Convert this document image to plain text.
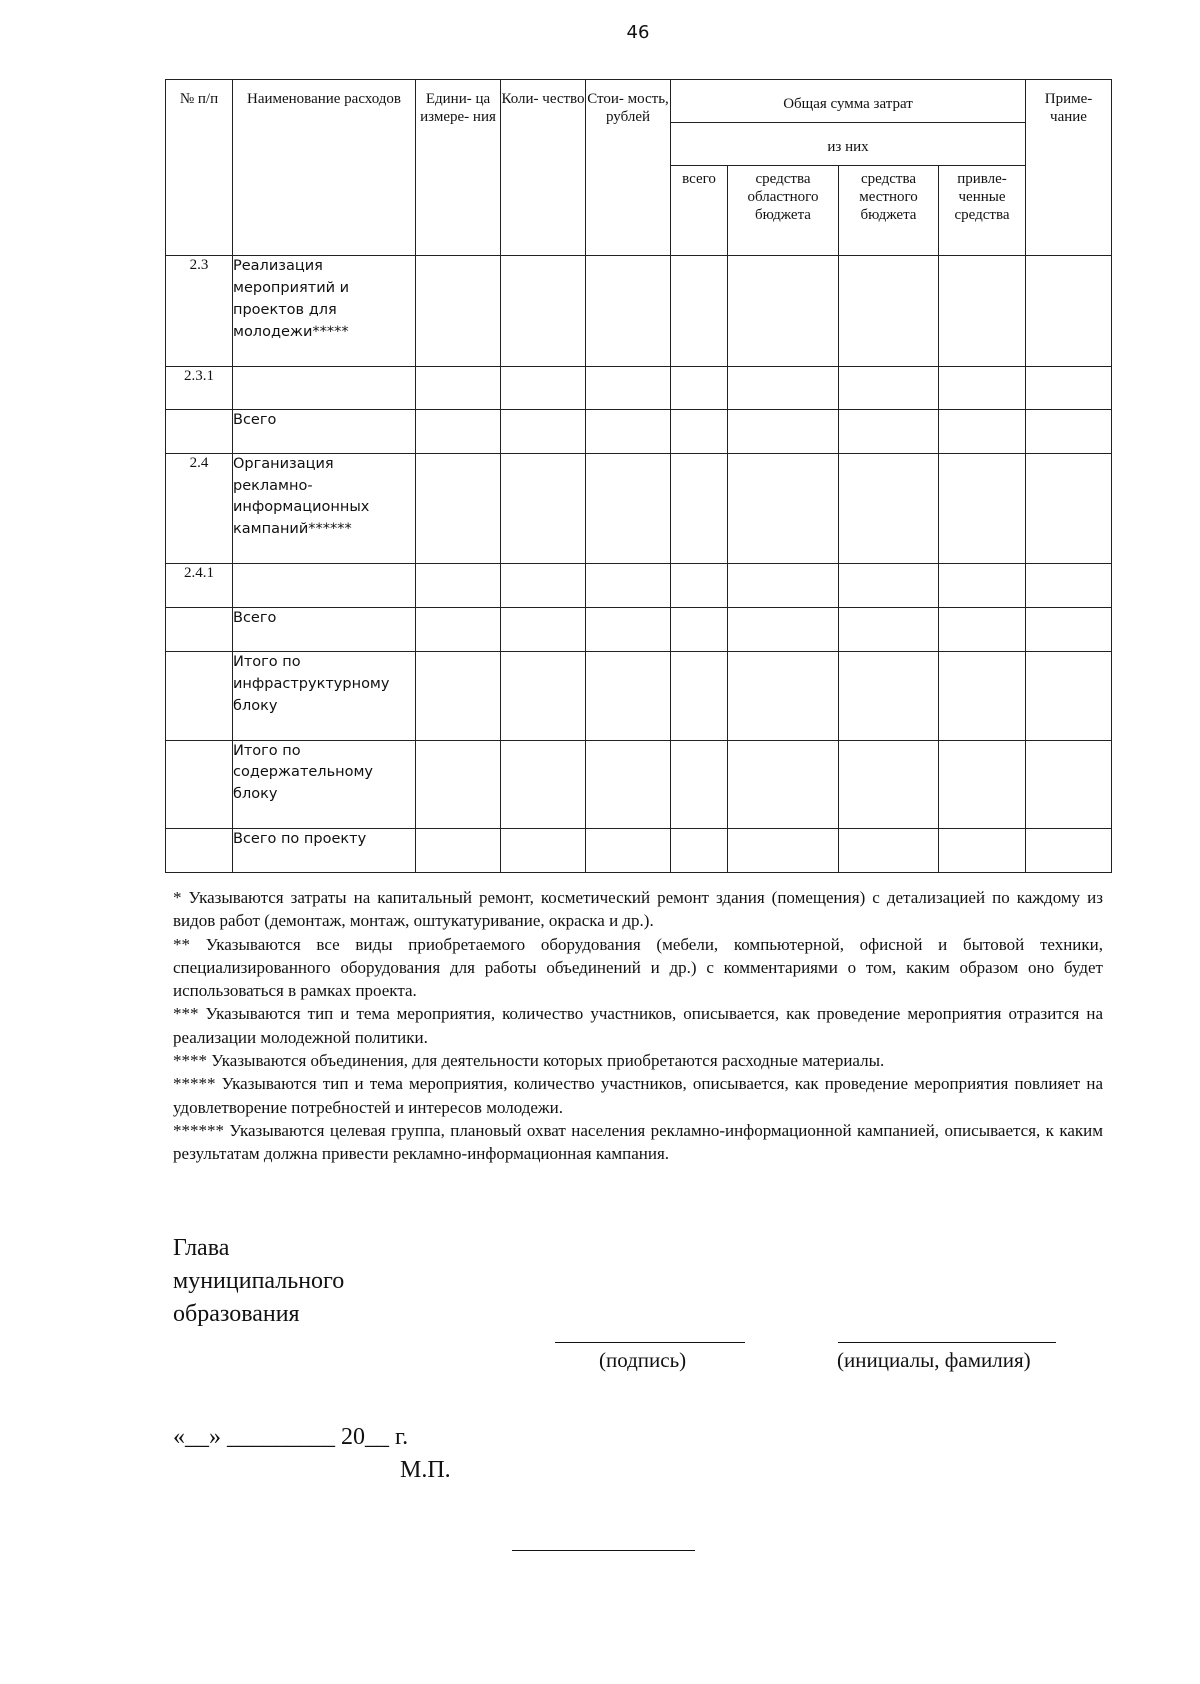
46
№ п/п	Наименование расходов	Едини- ца измере- ния	Коли- чество	Стои- мость, рублей	Общая сумма затрат				Приме- чание
					из них				
					всего	средства областного бюджета	средства местного бюджета	привле- ченные средства	
2.3	Реализация мероприятий и проектов для молодежи*****								
2.3.1									
	Всего								
2.4	Организация рекламно-информационных кампаний******								
2.4.1									
	Всего								
	Итого по инфраструктурному блоку								
	Итого по содержательному блоку								
	Всего по проекту								

* Указываются затраты на капитальный ремонт, косметический ремонт здания (помещения) с детализацией по каждому из видов работ (демонтаж, монтаж, оштукатуривание, окраска и др.).

** Указываются все виды приобретаемого оборудования (мебели, компьютерной, офисной и бытовой техники, специализированного оборудования для работы объединений и др.) с комментариями о том, каким образом оно будет использоваться в рамках проекта.

*** Указываются тип и тема мероприятия, количество участников, описывается, как проведение мероприятия отразится на реализации молодежной политики.

**** Указываются объединения, для деятельности которых приобретаются расходные материалы.

***** Указываются тип и тема мероприятия, количество участников, описывается, как проведение мероприятия повлияет на удовлетворение потребностей и интересов молодежи.

****** Указываются целевая группа, плановый охват населения рекламно-информационной кампанией, описывается, к каким результатам должна привести рекламно-информационная кампания.

Глава
муниципального
образования
(подпись)	(инициалы, фамилия)
«__» _________ 20__ г.
М.П.
